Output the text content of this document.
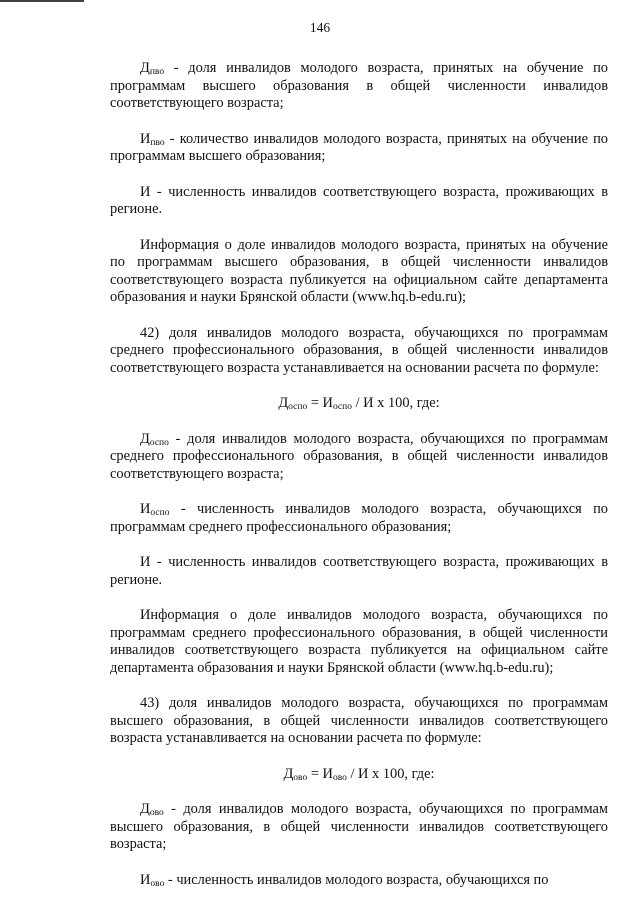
146

$Д_{пво}$ - доля инвалидов молодого возраста, принятых на обучение по программам высшего образования в общей численности инвалидов соответствующего возраста;

$И_{пво}$ - количество инвалидов молодого возраста, принятых на обучение по программам высшего образования;

И - численность инвалидов соответствующего возраста, проживающих в регионе.

Информация о доле инвалидов молодого возраста, принятых на обучение по программам высшего образования, в общей численности инвалидов соответствующего возраста публикуется на официальном сайте департамента образования и науки Брянской области (www.hq.b-edu.ru);

42) доля инвалидов молодого возраста, обучающихся по программам среднего профессионального образования, в общей численности инвалидов соответствующего возраста устанавливается на основании расчета по формуле:

$Д_{оспо} = И_{оспо} / И$ х 100, где:

$Д_{оспо}$ - доля инвалидов молодого возраста, обучающихся по программам среднего профессионального образования, в общей численности инвалидов соответствующего возраста;

$И_{оспо}$ - численность инвалидов молодого возраста, обучающихся по программам среднего профессионального образования;

И - численность инвалидов соответствующего возраста, проживающих в регионе.

Информация о доле инвалидов молодого возраста, обучающихся по программам среднего профессионального образования, в общей численности инвалидов соответствующего возраста публикуется на официальном сайте департамента образования и науки Брянской области (www.hq.b-edu.ru);

43) доля инвалидов молодого возраста, обучающихся по программам высшего образования, в общей численности инвалидов соответствующего возраста устанавливается на основании расчета по формуле:

$Д_{ово} = И_{ово} / И$ х 100, где:

$Д_{ово}$ - доля инвалидов молодого возраста, обучающихся по программам высшего образования, в общей численности инвалидов соответствующего возраста;

$И_{ово}$ - численность инвалидов молодого возраста, обучающихся по
